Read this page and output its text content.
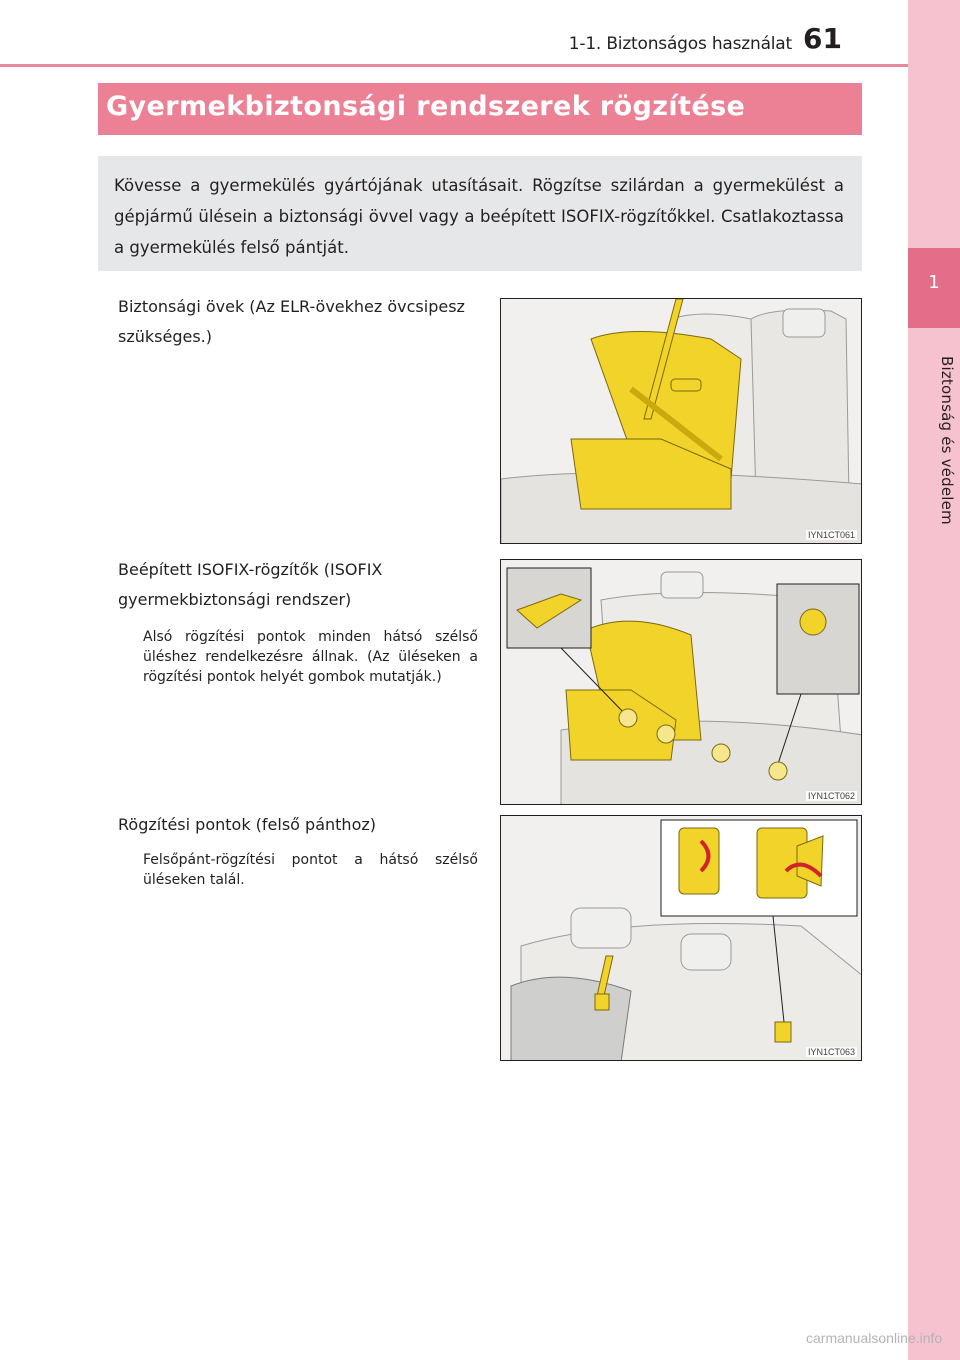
1-1. Biztonságos használat 61
1
Biztonság és védelem
Gyermekbiztonsági rendszerek rögzítése
Kövesse a gyermekülés gyártójának utasításait. Rögzítse szilárdan a gyermekülést a gépjármű ülésein a biztonsági övvel vagy a beépített ISOFIX-rögzítőkkel. Csatlakoztassa a gyermekülés felső pántját.
Biztonsági övek (Az ELR-övekhez övcsipesz szükséges.)
IYN1CT061
Beépített ISOFIX-rögzítők (ISOFIX gyermekbiztonsági rendszer)
Alsó rögzítési pontok minden hátsó szélső üléshez rendelkezésre állnak. (Az üléseken a rögzítési pontok helyét gombok mutatják.)
IYN1CT062
Rögzítési pontok (felső pánthoz)
Felsőpánt-rögzítési pontot a hátsó szélső üléseken talál.
IYN1CT063
carmanualsonline.info
